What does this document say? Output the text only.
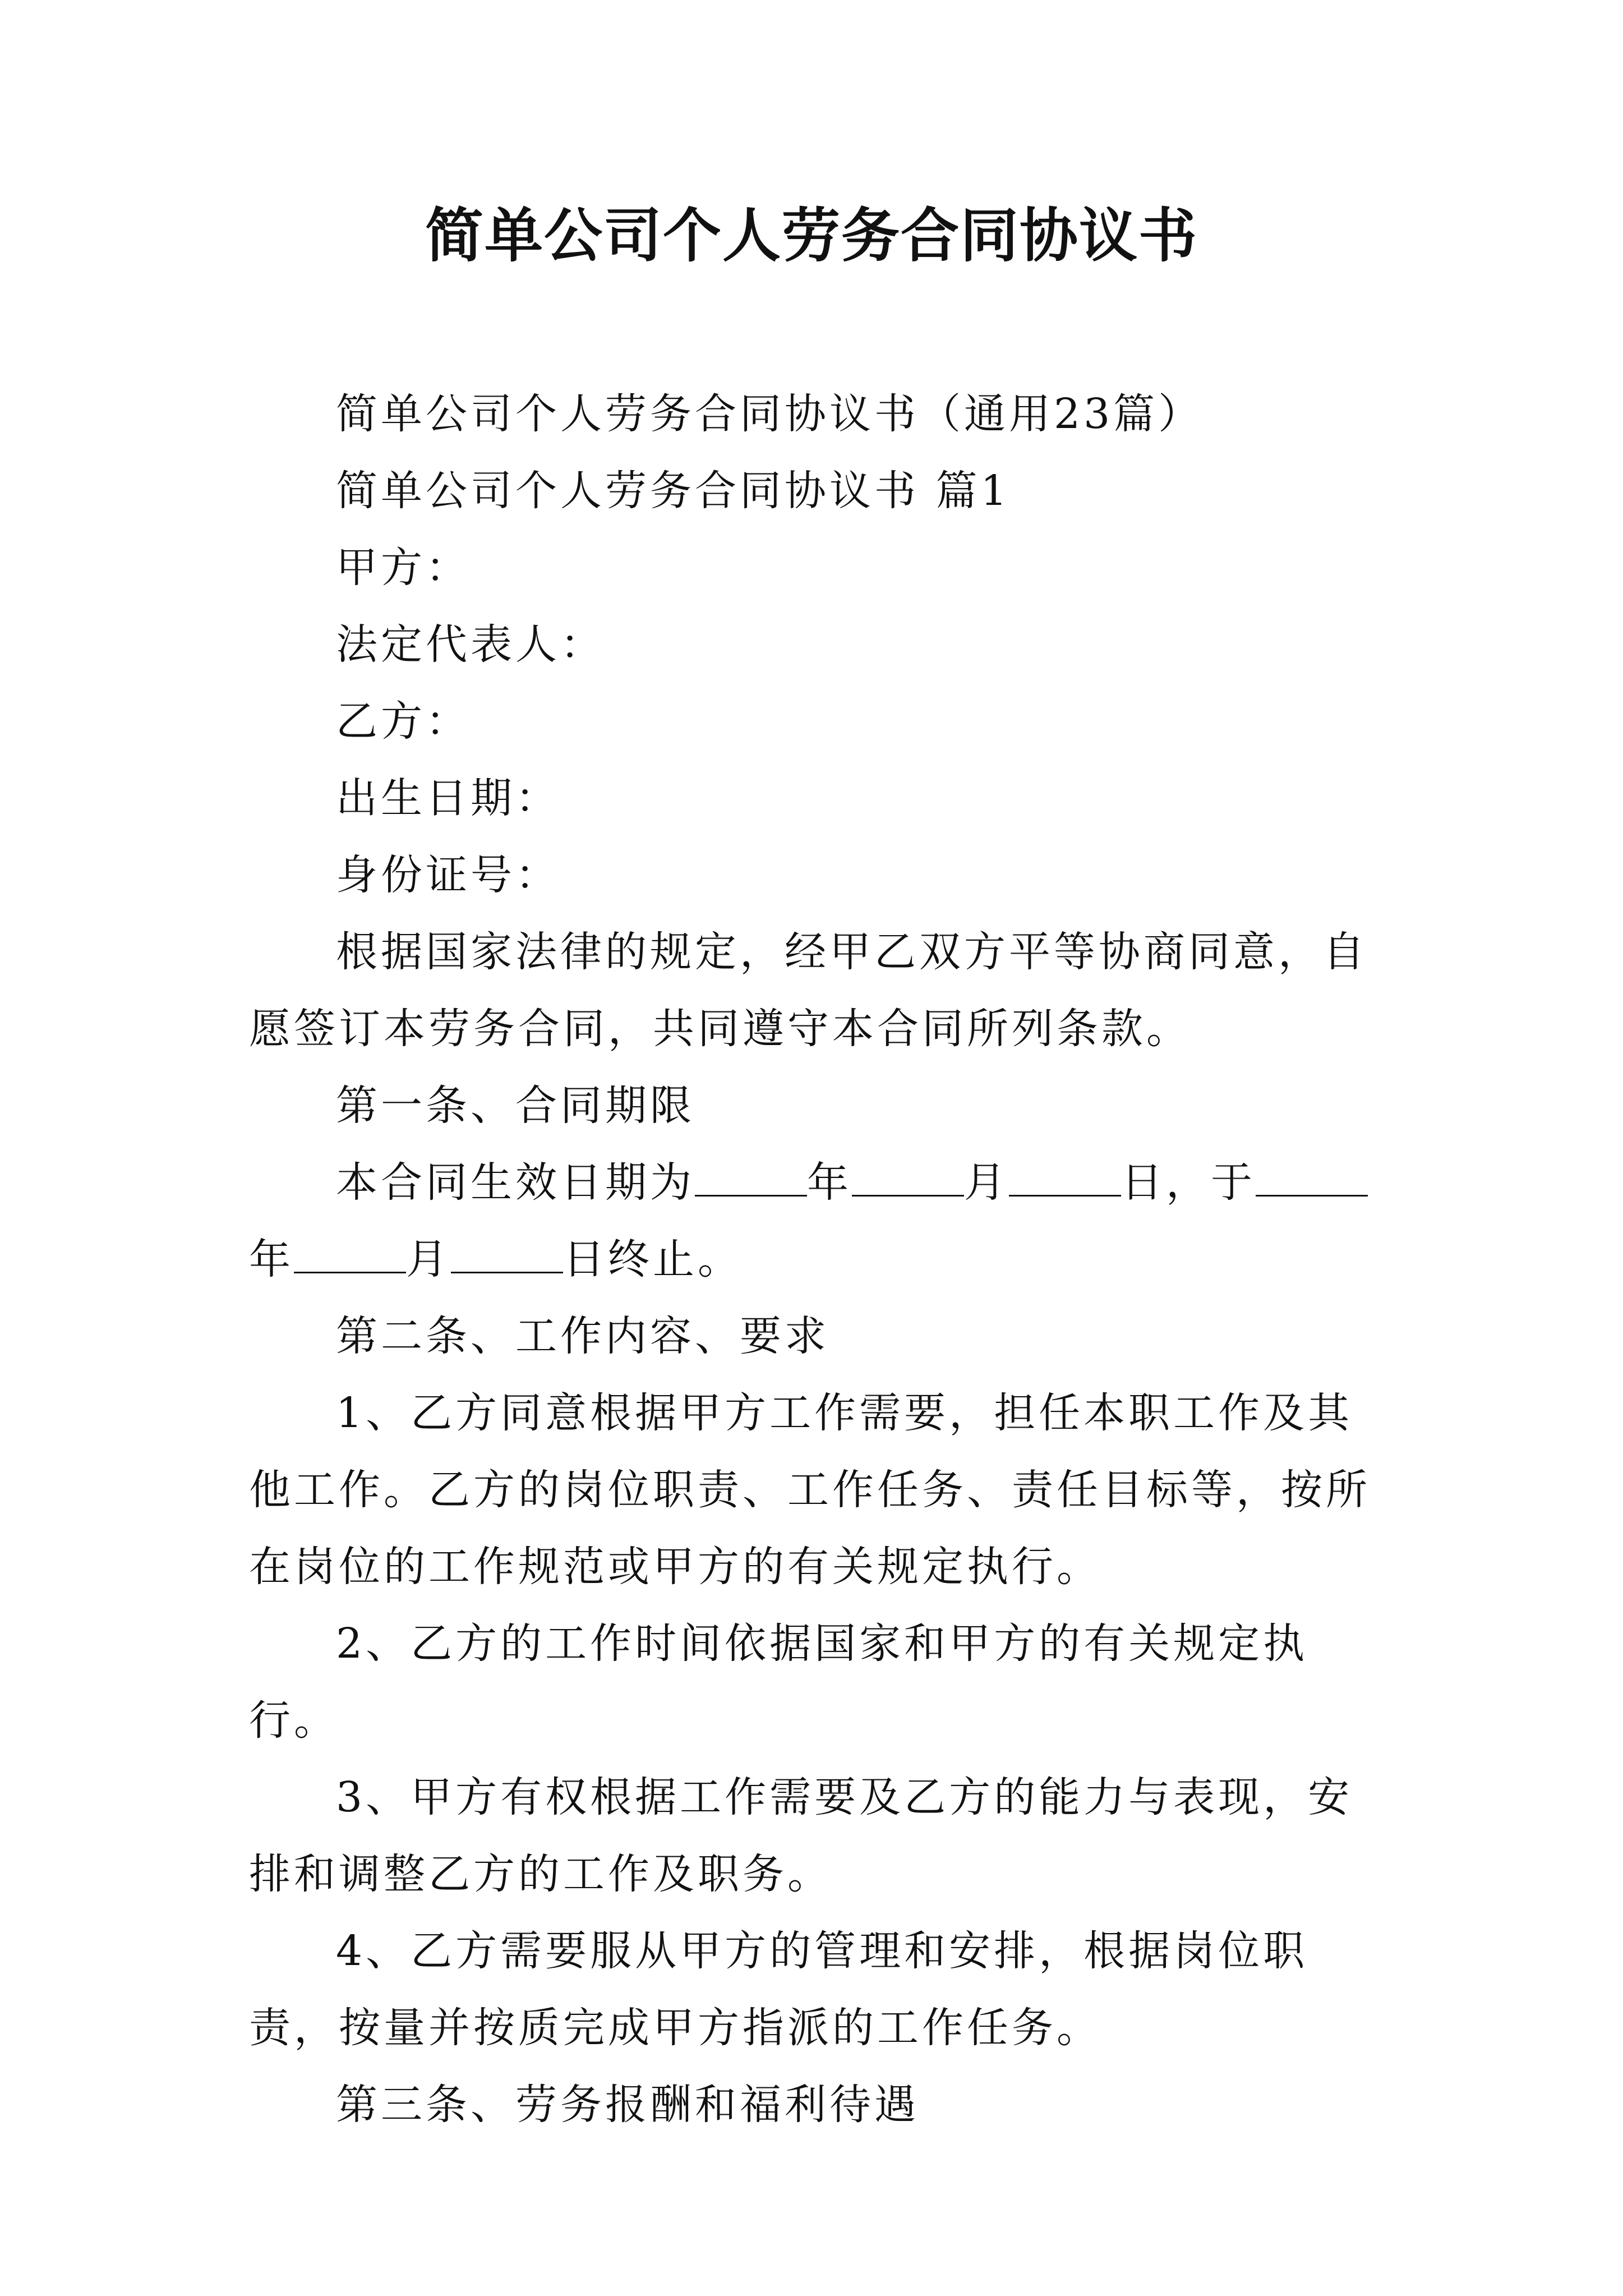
简单公司个人劳务合同协议书

简单公司个人劳务合同协议书（通用23篇）

简单公司个人劳务合同协议书 篇1

甲方：

法定代表人：

乙方：

出生日期：

身份证号：

根据国家法律的规定，经甲乙双方平等协商同意，自愿签订本劳务合同，共同遵守本合同所列条款。

第一条、合同期限

本合同生效日期为	年	月	日，于年	月	日终止。

第二条、工作内容、要求

1、乙方同意根据甲方工作需要，担任本职工作及其他工作。乙方的岗位职责、工作任务、责任目标等，按所在岗位的工作规范或甲方的有关规定执行。

2、乙方的工作时间依据国家和甲方的有关规定执行。

3、甲方有权根据工作需要及乙方的能力与表现，安排和调整乙方的工作及职务。

4、乙方需要服从甲方的管理和安排，根据岗位职责，按量并按质完成甲方指派的工作任务。

第三条、劳务报酬和福利待遇
